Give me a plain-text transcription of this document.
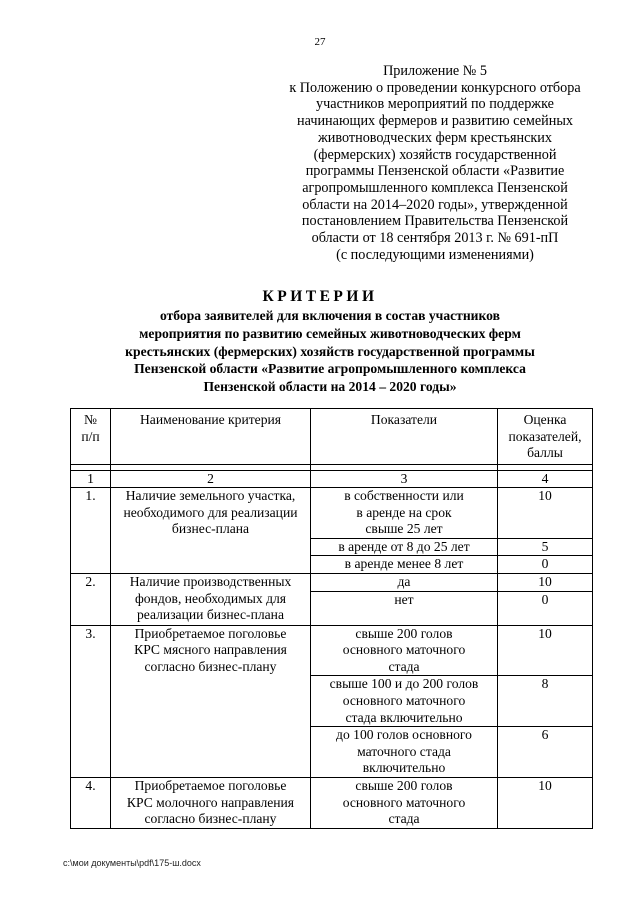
27
Приложение № 5
к Положению о проведении конкурсного отбора
участников мероприятий по поддержке
начинающих фермеров и развитию семейных
животноводческих ферм крестьянских
(фермерских) хозяйств государственной
программы Пензенской области «Развитие
агропромышленного комплекса Пензенской
области на 2014–2020 годы», утвержденной
постановлением Правительства Пензенской
области от 18 сентября 2013 г. № 691-пП
(с последующими изменениями)
КРИТЕРИИ
отбора заявителей для включения в состав участников
мероприятия по развитию семейных животноводческих ферм
крестьянских (фермерских) хозяйств государственной программы
Пензенской области «Развитие агропромышленного комплекса
Пензенской области на 2014 – 2020 годы»
№
п/п	Наименование критерия	Показатели	Оценка
показателей,
баллы

1	2	3	4
1.	Наличие земельного участка,
необходимого для реализации
бизнес-плана	в собственности или
в аренде на срок
свыше 25 лет	10
		в аренде от 8 до 25 лет	5
		в аренде менее 8 лет	0
2.	Наличие производственных
фондов, необходимых для
реализации бизнес-плана	да	10
		нет	0
3.	Приобретаемое поголовье
КРС мясного направления
согласно бизнес-плану	свыше 200 голов
основного маточного
стада	10
		свыше 100 и до 200 голов
основного маточного
стада включительно	8
		до 100 голов основного
маточного стада
включительно	6
4.	Приобретаемое поголовье
КРС молочного направления
согласно бизнес-плану	свыше 200 голов
основного маточного
стада	10
c:\мои документы\pdf\175-ш.docx
